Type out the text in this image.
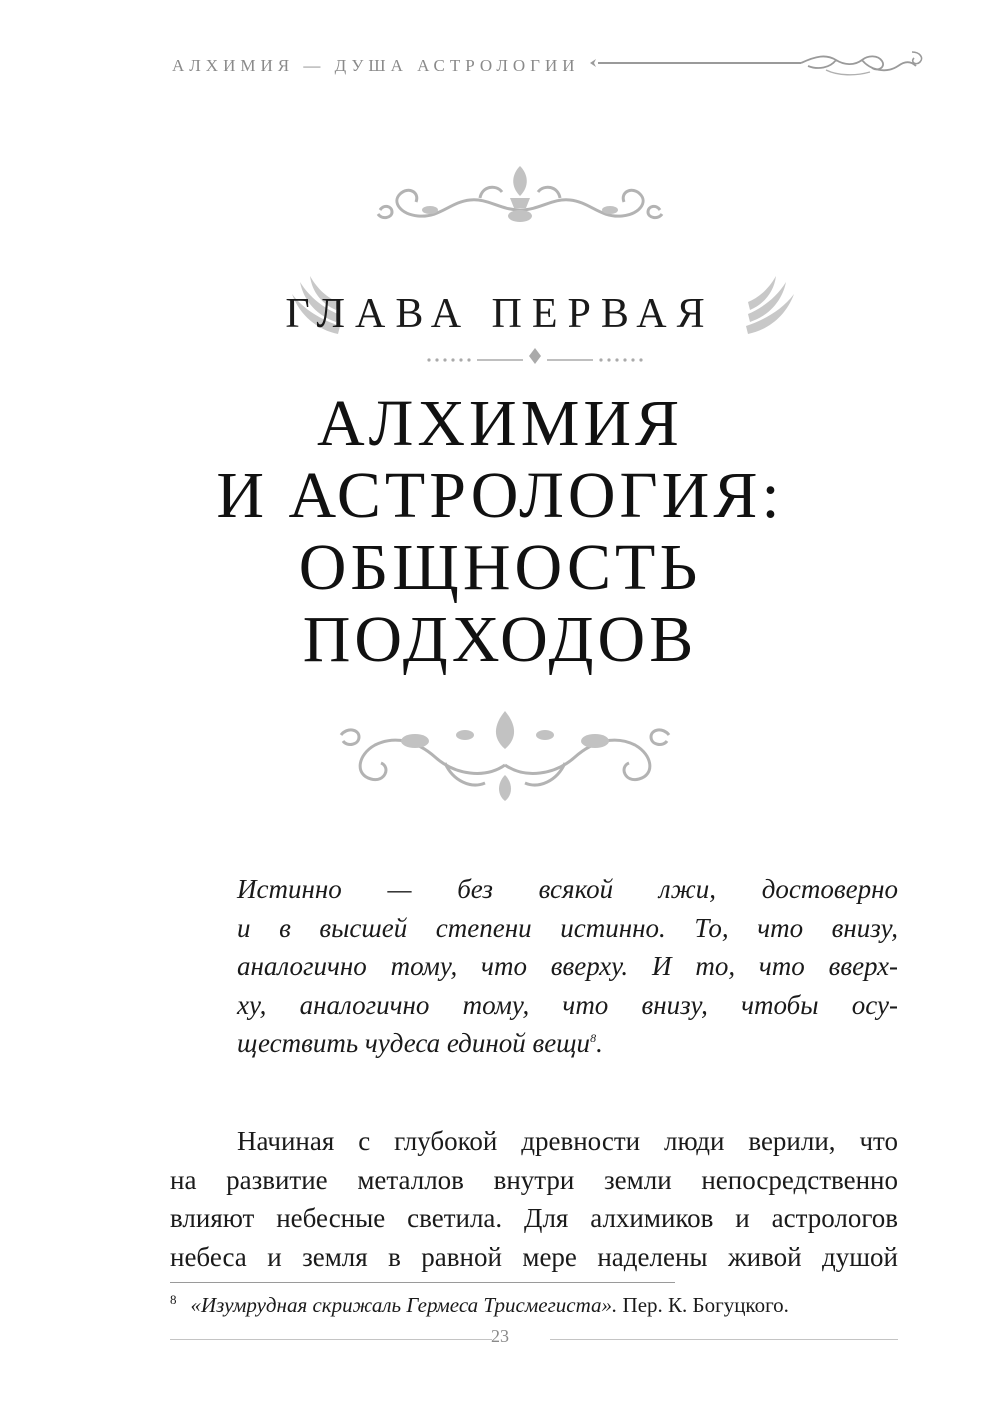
АЛХИМИЯ — ДУША АСТРОЛОГИИ
ГЛАВА ПЕРВАЯ
АЛХИМИЯ
И АСТРОЛОГИЯ:
ОБЩНОСТЬ
ПОДХОДОВ
Истинно — без всякой лжи, достоверно
и в высшей степени истинно. То, что внизу,
аналогично тому, что вверху. И то, что вверх-
ху, аналогично тому, что внизу, чтобы осу-
ществить чудеса единой вещи$^8$.
Начиная с глубокой древности люди верили, что
на развитие металлов внутри земли непосредственно
влияют небесные светила. Для алхимиков и астрологов
небеса и земля в равной мере наделены живой душой
$^8$ «Изумрудная скрижаль Гермеса Трисмегиста». Пер. К. Богуцкого.
23
